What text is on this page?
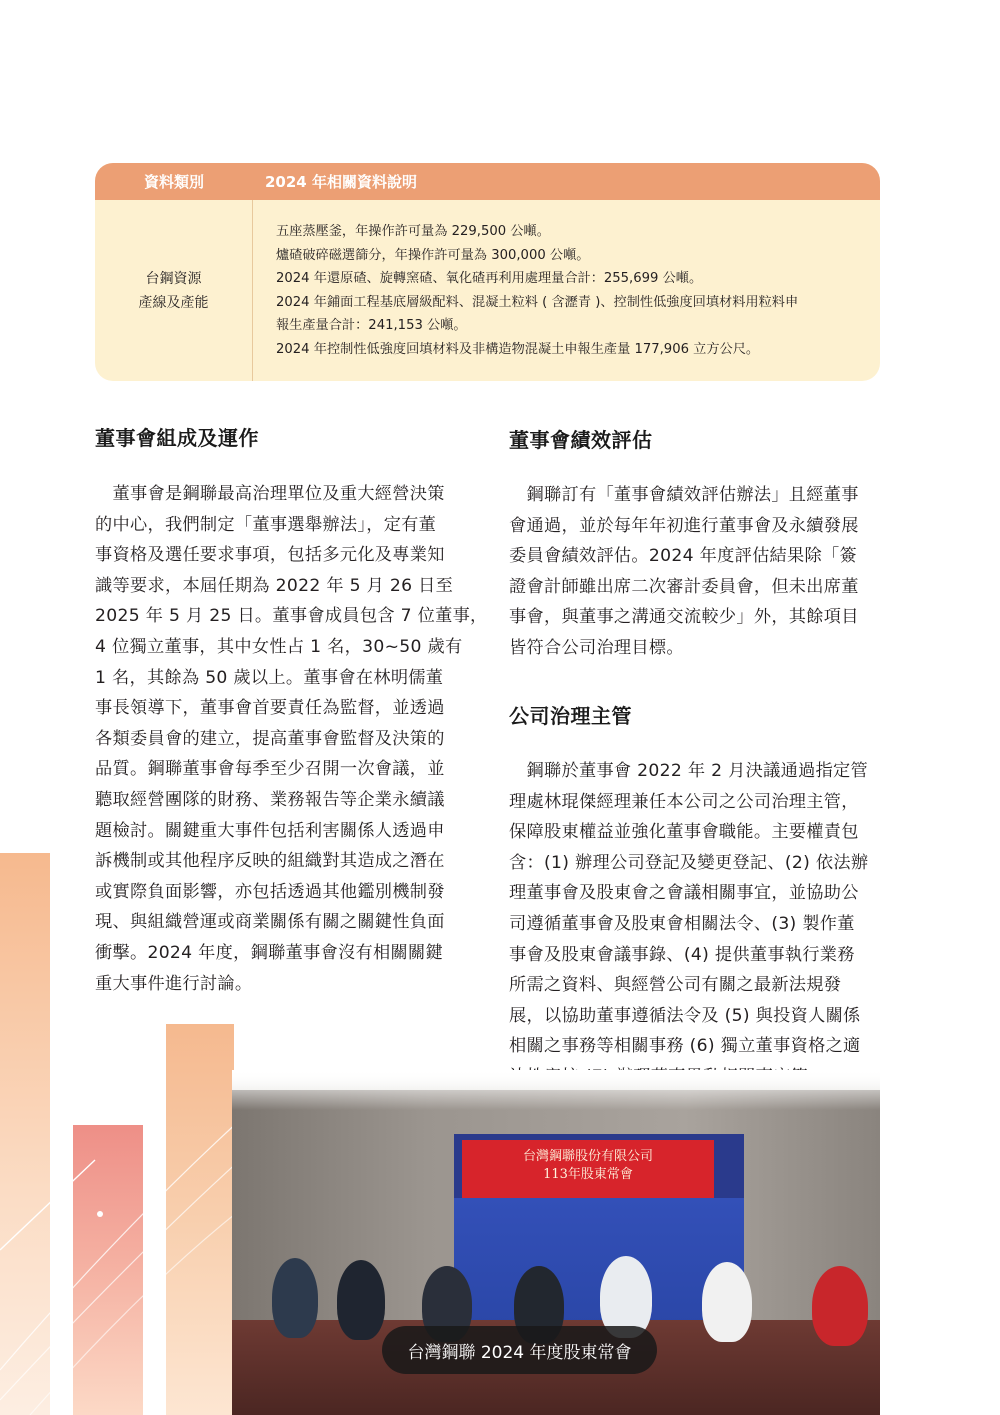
資料類別	2024 年相關資料說明
台鋼資源
產線及產能
五座蒸壓釜，年操作許可量為 229,500 公噸。
爐碴破碎磁選篩分，年操作許可量為 300,000 公噸。
2024 年還原碴、旋轉窯碴、氧化碴再利用處理量合計：255,699 公噸。
2024 年鋪面工程基底層級配料、混凝土粒料 ( 含瀝青 )、控制性低強度回填材料用粒料申
報生產量合計：241,153 公噸。
2024 年控制性低強度回填材料及非構造物混凝土申報生產量 177,906 立方公尺。
董事會組成及運作
　董事會是鋼聯最高治理單位及重大經營決策
的中心，我們制定「董事選舉辦法」，定有董
事資格及選任要求事項，包括多元化及專業知
識等要求，本屆任期為 2022 年 5 月 26 日至
2025 年 5 月 25 日。董事會成員包含 7 位董事，
4 位獨立董事，其中女性占 1 名，30~50 歲有
1 名，其餘為 50 歲以上。董事會在林明儒董
事長領導下，董事會首要責任為監督，並透過
各類委員會的建立，提高董事會監督及決策的
品質。鋼聯董事會每季至少召開一次會議，並
聽取經營團隊的財務、業務報告等企業永續議
題檢討。關鍵重大事件包括利害關係人透過申
訴機制或其他程序反映的組織對其造成之潛在
或實際負面影響，亦包括透過其他鑑別機制發
現、與組織營運或商業關係有關之關鍵性負面
衝擊。2024 年度，鋼聯董事會沒有相關關鍵
重大事件進行討論。
董事會績效評估
　鋼聯訂有「董事會績效評估辦法」且經董事
會通過，並於每年年初進行董事會及永續發展
委員會績效評估。2024 年度評估結果除「簽
證會計師雖出席二次審計委員會，但未出席董
事會，與董事之溝通交流較少」外，其餘項目
皆符合公司治理目標。
公司治理主管
　鋼聯於董事會 2022 年 2 月決議通過指定管
理處林琨傑經理兼任本公司之公司治理主管，
保障股東權益並強化董事會職能。主要權責包
含：(1) 辦理公司登記及變更登記、(2) 依法辦
理董事會及股東會之會議相關事宜，並協助公
司遵循董事會及股東會相關法令、(3) 製作董
事會及股東會議事錄、(4) 提供董事執行業務
所需之資料、與經營公司有關之最新法規發
展，以協助董事遵循法令及 (5) 與投資人關係
相關之事務等相關事務 (6) 獨立董事資格之適
台灣鋼聯股份有限公司
113年股東常會
台灣鋼聯 2024 年度股東常會
